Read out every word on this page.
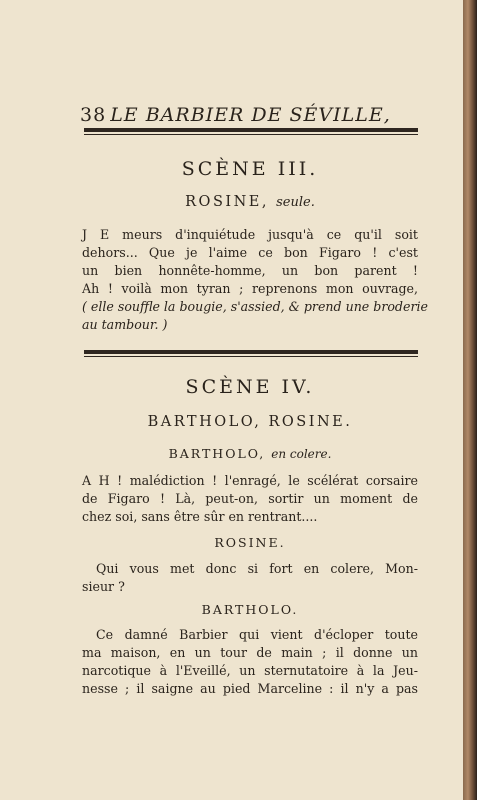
38 LE BARBIER DE SÉVILLE,
SCÈNE III.
ROSINE, seule.
J E meurs d'inquiétude jusqu'à ce qu'il soit
dehors... Que je l'aime ce bon Figaro ! c'est
un bien honnête-homme, un bon parent !
Ah ! voilà mon tyran ; reprenons mon ouvrage,
( elle souffle la bougie, s'assied, & prend une broderie
au tambour. )
SCÈNE IV.
BARTHOLO, ROSINE.
BARTHOLO, en colere.
A H ! malédiction ! l'enragé, le scélérat corsaire
de Figaro ! Là, peut-on, sortir un moment de
chez soi, sans être sûr en rentrant....
ROSINE.
Qui vous met donc si fort en colere, Mon-
sieur ?
BARTHOLO.
Ce damné Barbier qui vient d'écloper toute
ma maison, en un tour de main ; il donne un
narcotique à l'Eveillé, un sternutatoire à la Jeu-
nesse ; il saigne au pied Marceline : il n'y a pas
